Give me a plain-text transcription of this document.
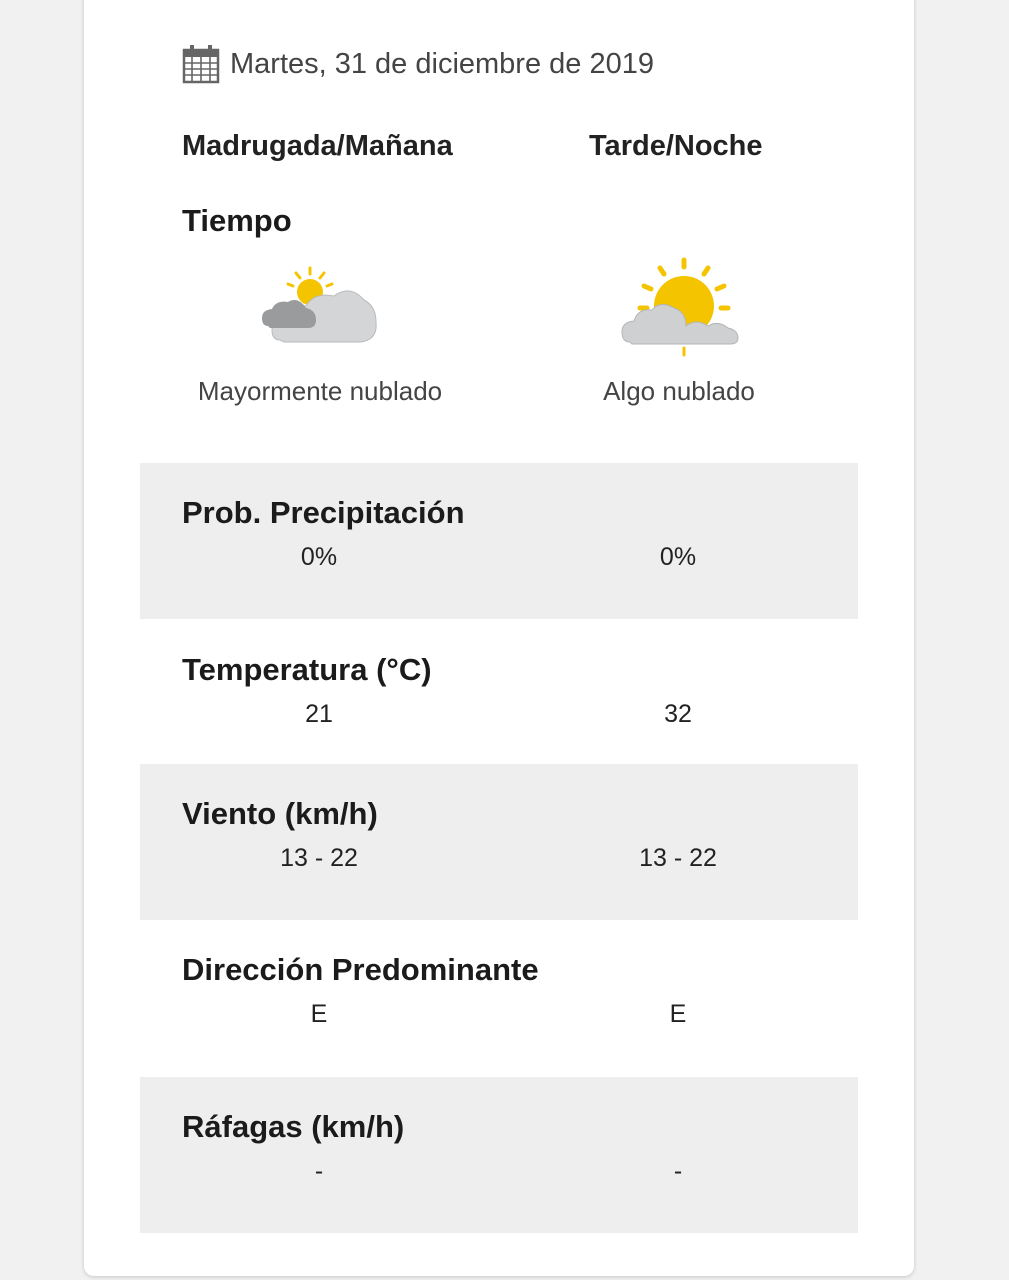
Martes, 31 de diciembre de 2019
Madrugada/Mañana	Tarde/Noche
Tiempo
Mayormente nublado	Algo nublado
Prob. Precipitación
0%	0%
Temperatura (°C)
21	32
Viento (km/h)
13 - 22	13 - 22
Dirección Predominante
E	E
Ráfagas (km/h)
-	-
